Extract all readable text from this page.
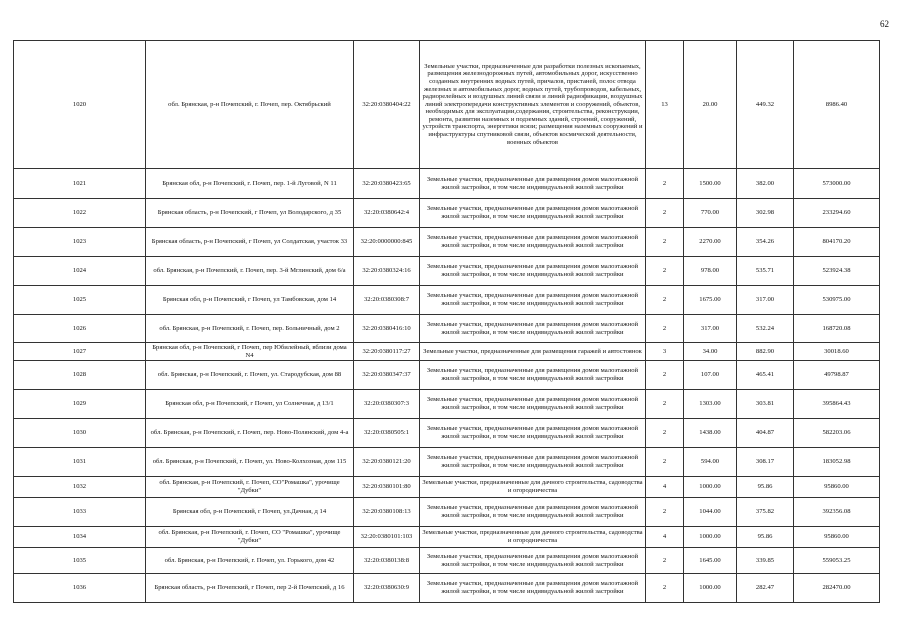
62
1020	обл. Брянская, р-н Почепский, г. Почеп, пер. Октябрьский	32:20:0380404:22	Земельные участки, предназначенные для разработки полезных ископаемых, размещения железнодорожных путей, автомобильных дорог, искусственно созданных внутренних водных путей, причалов, пристаней, полос отвода железных и автомобильных дорог, водных путей, трубопроводов, кабельных, радиорелейных и воздушных линий связи и линий радиофикации, воздушных линий электропередачи конструктивных элементов и сооружений, объектов, необходимых для эксплуатации,содержания, строительства, реконструкции, ремонта, развития наземных и подземных зданий, строений, сооружений, устройств транспорта, энергетики всязи; размещения наземных сооружений и инфраструктуры спутниковой связи, объектов космической деятельности, военных объектов	13	20.00	449.32	8986.40
1021	Брянская обл, р-н Почепский, г. Почеп, пер. 1-й Луговой, N 11	32:20:0380423:65	Земельные участки, предназначенные для размещения домов малоэтажной жилой застройки, в том числе индивидуальной жилой застройки	2	1500.00	382.00	573000.00
1022	Брянская область, р-н Почепский, г Почеп, ул Володарского, д 35	32:20:0380642:4	Земельные участки, предназначенные для размещения домов малоэтажной жилой застройки, в том числе индивидуальной жилой застройки	2	770.00	302.98	233294.60
1023	Брянская область, р-н Почепский, г Почеп, ул Солдатская, участок 33	32:20:0000000:845	Земельные участки, предназначенные для размещения домов малоэтажной жилой застройки, в том числе индивидуальной жилой застройки	2	2270.00	354.26	804170.20
1024	обл. Брянская, р-н Почепский, г. Почеп, пер. 3-й Мглинский, дом 6/а	32:20:0380324:16	Земельные участки, предназначенные для размещения домов малоэтажной жилой застройки, в том числе индивидуальной жилой застройки	2	978.00	535.71	523924.38
1025	Брянская обл, р-н Почепский, г Почеп, ул Тамбовская, дом 14	32:20:0380308:7	Земельные участки, предназначенные для размещения домов малоэтажной жилой застройки, в том числе индивидуальной жилой застройки	2	1675.00	317.00	530975.00
1026	обл. Брянская, р-н Почепский, г. Почеп, пер. Больничный, дом 2	32:20:0380416:10	Земельные участки, предназначенные для размещения домов малоэтажной жилой застройки, в том числе индивидуальной жилой застройки	2	317.00	532.24	168720.08
1027	Брянская обл, р-н Почепский, г Почеп, пер Юбилейный, вблизи дома N4	32:20:0380117:27	Земельные участки, предназначенные для размещения гаражей и автостоянок	3	34.00	882.90	30018.60
1028	обл. Брянская, р-н Почепский, г. Почеп, ул. Стародубская, дом 88	32:20:0380347:37	Земельные участки, предназначенные для размещения домов малоэтажной жилой застройки, в том числе индивидуальной жилой застройки	2	107.00	465.41	49798.87
1029	Брянская обл, р-н Почепский, г Почеп, ул Солнечная, д 13/1	32:20:0380307:3	Земельные участки, предназначенные для размещения домов малоэтажной жилой застройки, в том числе индивидуальной жилой застройки	2	1303.00	303.81	395864.43
1030	обл. Брянская, р-н Почепский, г. Почеп, пер. Ново-Полянский, дом 4-а	32:20:0380505:1	Земельные участки, предназначенные для размещения домов малоэтажной жилой застройки, в том числе индивидуальной жилой застройки	2	1438.00	404.87	582203.06
1031	обл. Брянская, р-н Почепский, г. Почеп, ул. Ново-Колхозная, дом 115	32:20:0380121:20	Земельные участки, предназначенные для размещения домов малоэтажной жилой застройки, в том числе индивидуальной жилой застройки	2	594.00	308.17	183052.98
1032	обл. Брянская, р-н Почепский, г. Почеп, СО"Ромашка", урочище "Дубки"	32:20:0380101:80	Земельные участки, предназначенные для дачного строительства, садоводства и огородничества	4	1000.00	95.86	95860.00
1033	Брянская обл, р-н Почепский, г Почеп, ул.Дачная, д 14	32:20:0380108:13	Земельные участки, предназначенные для размещения домов малоэтажной жилой застройки, в том числе индивидуальной жилой застройки	2	1044.00	375.82	392356.08
1034	обл. Брянская, р-н Почепский, г. Почеп, СО "Ромашка", урочище "Дубки"	32:20:0380101:103	Земельные участки, предназначенные для дачного строительства, садоводства и огородничества	4	1000.00	95.86	95860.00
1035	обл. Брянская, р-н Почепский, г. Почеп, ул. Горького, дом 42	32:20:0380138:8	Земельные участки, предназначенные для размещения домов малоэтажной жилой застройки, в том числе индивидуальной жилой застройки	2	1645.00	339.85	559053.25
1036	Брянская область, р-н Почепский, г Почеп, пер 2-й Почепский, д 16	32:20:0380630:9	Земельные участки, предназначенные для размещения домов малоэтажной жилой застройки, в том числе индивидуальной жилой застройки	2	1000.00	282.47	282470.00
